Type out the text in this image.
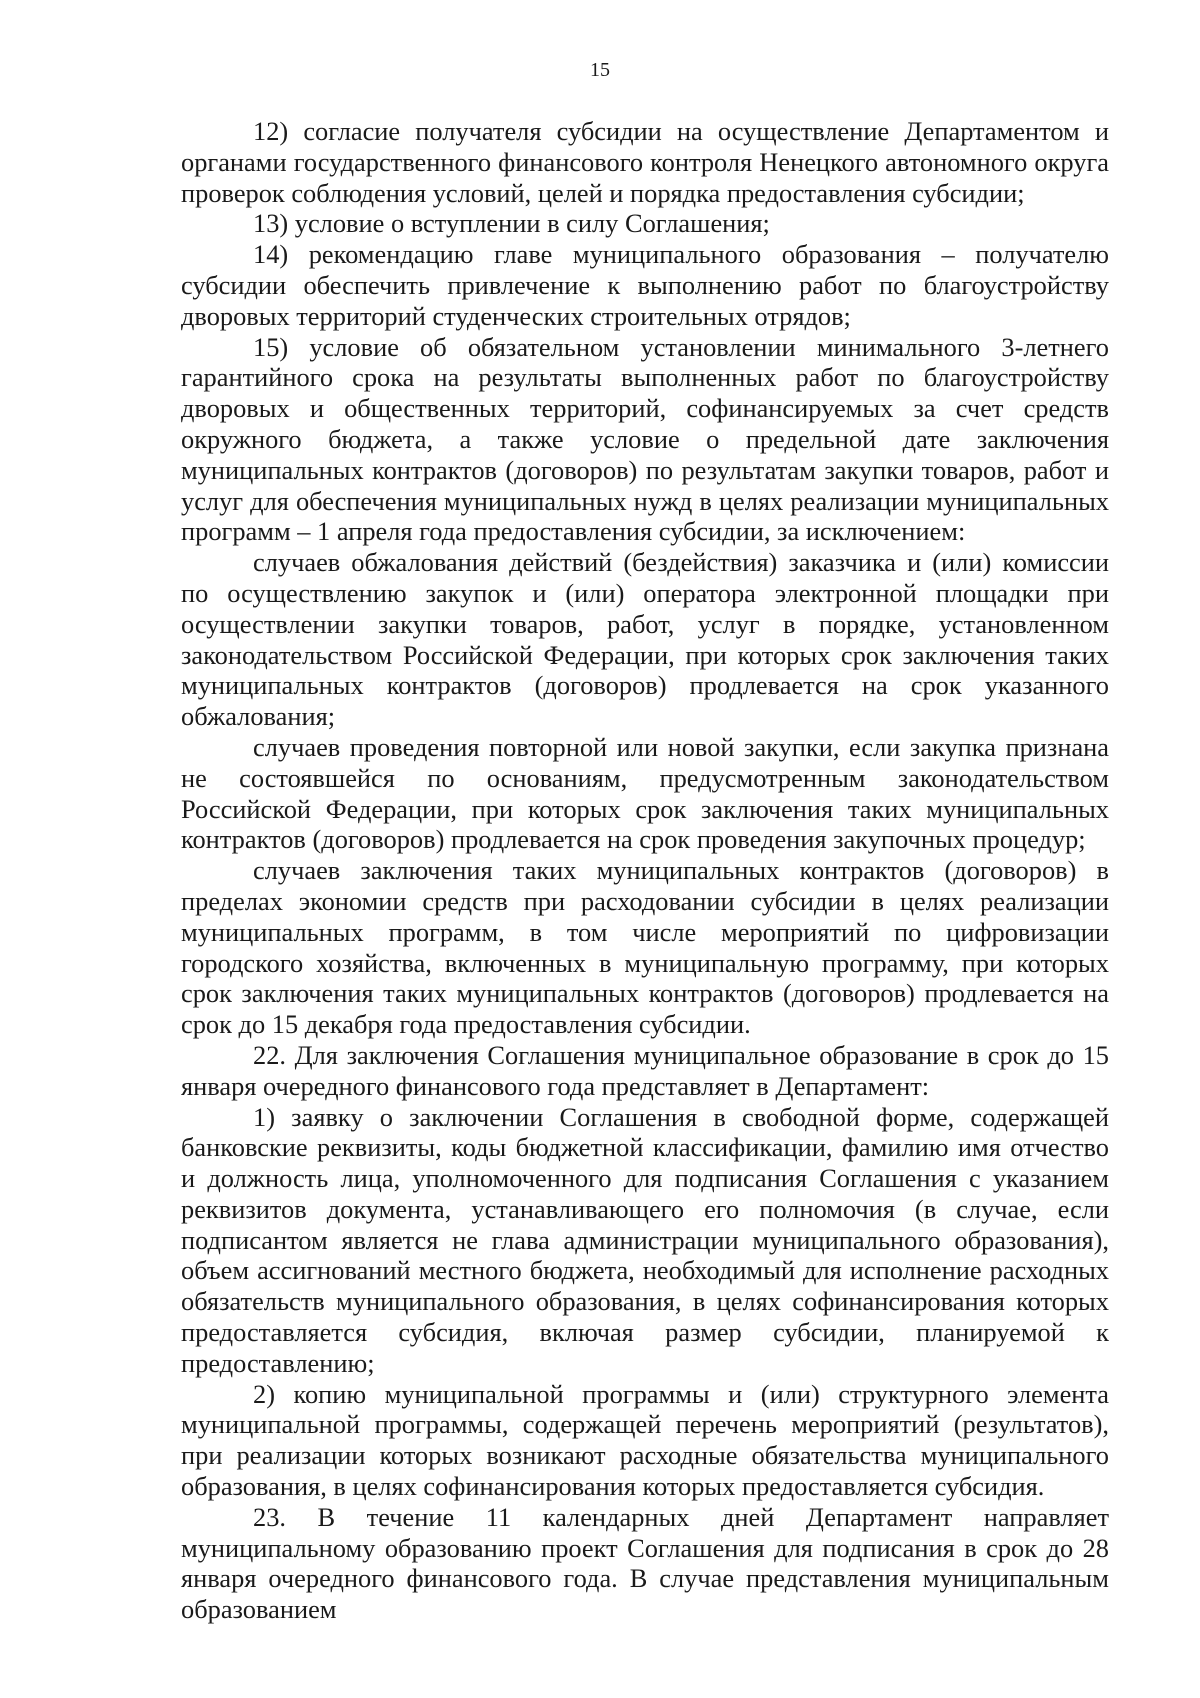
15

12) согласие получателя субсидии на осуществление Департаментом и органами государственного финансового контроля Ненецкого автономного округа проверок соблюдения условий, целей и порядка предоставления субсидии;

13) условие о вступлении в силу Соглашения;

14) рекомендацию главе муниципального образования – получателю субсидии обеспечить привлечение к выполнению работ по благоустройству дворовых территорий студенческих строительных отрядов;

15) условие об обязательном установлении минимального 3-летнего гарантийного срока на результаты выполненных работ по благоустройству дворовых и общественных территорий, софинансируемых за счет средств окружного бюджета, а также условие о предельной дате заключения муниципальных контрактов (договоров) по результатам закупки товаров, работ и услуг для обеспечения муниципальных нужд в целях реализации муниципальных программ – 1 апреля года предоставления субсидии, за исключением:

случаев обжалования действий (бездействия) заказчика и (или) комиссии по осуществлению закупок и (или) оператора электронной площадки при осуществлении закупки товаров, работ, услуг в порядке, установленном законодательством Российской Федерации, при которых срок заключения таких муниципальных контрактов (договоров) продлевается на срок указанного обжалования;

случаев проведения повторной или новой закупки, если закупка признана не состоявшейся по основаниям, предусмотренным законодательством Российской Федерации, при которых срок заключения таких муниципальных контрактов (договоров) продлевается на срок проведения закупочных процедур;

случаев заключения таких муниципальных контрактов (договоров) в пределах экономии средств при расходовании субсидии в целях реализации муниципальных программ, в том числе мероприятий по цифровизации городского хозяйства, включенных в муниципальную программу, при которых срок заключения таких муниципальных контрактов (договоров) продлевается на срок до 15 декабря года предоставления субсидии.

22. Для заключения Соглашения муниципальное образование в срок до 15 января очередного финансового года представляет в Департамент:

1) заявку о заключении Соглашения в свободной форме, содержащей банковские реквизиты, коды бюджетной классификации, фамилию имя отчество и должность лица, уполномоченного для подписания Соглашения с указанием реквизитов документа, устанавливающего его полномочия (в случае, если подписантом является не глава администрации муниципального образования), объем ассигнований местного бюджета, необходимый для исполнение расходных обязательств муниципального образования, в целях софинансирования которых предоставляется субсидия, включая размер субсидии, планируемой к предоставлению;

2) копию муниципальной программы и (или) структурного элемента муниципальной программы, содержащей перечень мероприятий (результатов), при реализации которых возникают расходные обязательства муниципального образования, в целях софинансирования которых предоставляется субсидия.

23. В течение 11 календарных дней Департамент направляет муниципальному образованию проект Соглашения для подписания в срок до 28 января очередного финансового года. В случае представления муниципальным образованием
